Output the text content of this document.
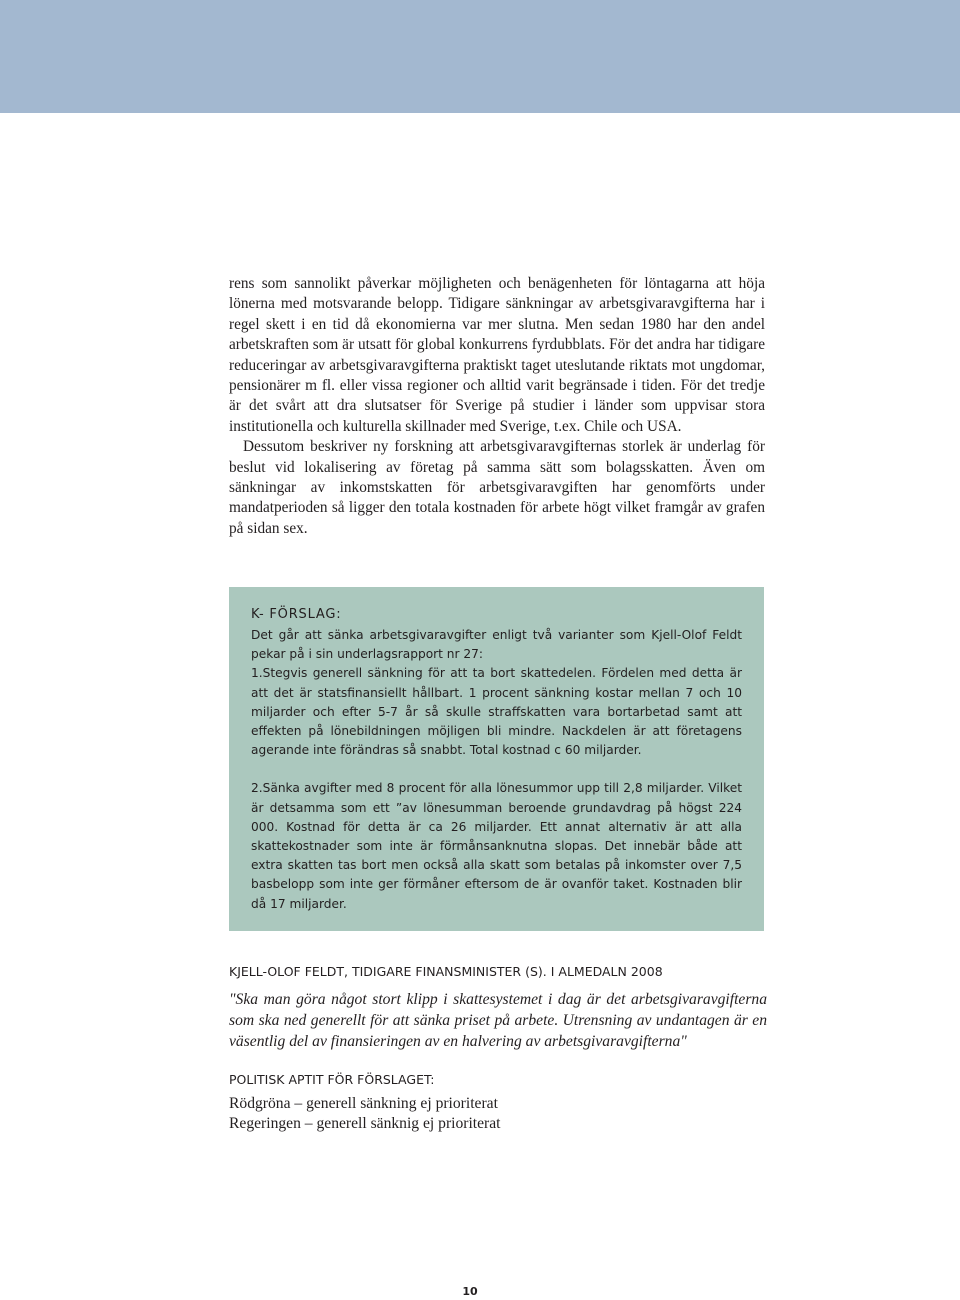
rens som sannolikt påverkar möjligheten och benägenheten för löntagarna att höja lönerna med motsvarande belopp. Tidigare sänkningar av arbetsgivaravgifterna har i regel skett i en tid då ekonomierna var mer slutna. Men sedan 1980 har den andel arbetskraften som är utsatt för global konkurrens fyrdubblats. För det andra har tidigare reduceringar av arbetsgivaravgifterna praktiskt taget uteslutande riktats mot ungdomar, pensionärer m fl. eller vissa regioner och alltid varit begränsade i tiden. För det tredje är det svårt att dra slutsatser för Sverige på studier i länder som uppvisar stora institutionella och kulturella skillnader med Sverige, t.ex. Chile och USA.

Dessutom beskriver ny forskning att arbetsgivaravgifternas storlek är underlag för beslut vid lokalisering av företag på samma sätt som bolagsskatten. Även om sänkningar av inkomstskatten för arbetsgivaravgiften har genomförts under mandatperioden så ligger den totala kostnaden för arbete högt vilket framgår av grafen på sidan sex.

K- FÖRSLAG:

Det går att sänka arbetsgivaravgifter enligt två varianter som Kjell-Olof Feldt pekar på i sin underlagsrapport nr 27:

1.Stegvis generell sänkning för att ta bort skattedelen. Fördelen med detta är att det är statsfinansiellt hållbart. 1 procent sänkning kostar mellan 7 och 10 miljarder och efter 5-7 år så skulle straffskatten vara bortarbetad samt att effekten på lönebildningen möjligen bli mindre. Nackdelen är att företagens agerande inte förändras så snabbt. Total kostnad c 60 miljarder.

2.Sänka avgifter med 8 procent för alla lönesummor upp till 2,8 miljarder. Vilket är detsamma som ett ”av lönesumman beroende grundavdrag på högst 224 000. Kostnad för detta är ca 26 miljarder. Ett annat alternativ är att alla skattekostnader som inte är förmånsanknutna slopas. Det innebär både att extra skatten tas bort men också alla skatt som betalas på inkomster over 7,5 basbelopp som inte ger förmåner eftersom de är ovanför taket. Kostnaden blir då 17 miljarder.

KJELL-OLOF FELDT, TIDIGARE FINANSMINISTER (S). I ALMEDALN 2008

"Ska man göra något stort klipp i skattesystemet i dag är det arbetsgivaravgifterna som ska ned generellt för att sänka priset på arbete. Utrensning av undantagen är en väsentlig del av finansieringen av en halvering av arbetsgivaravgifterna"

POLITISK APTIT FÖR FÖRSLAGET:
Rödgröna – generell sänkning ej prioriterat
Regeringen – generell sänknig ej prioriterat
10
